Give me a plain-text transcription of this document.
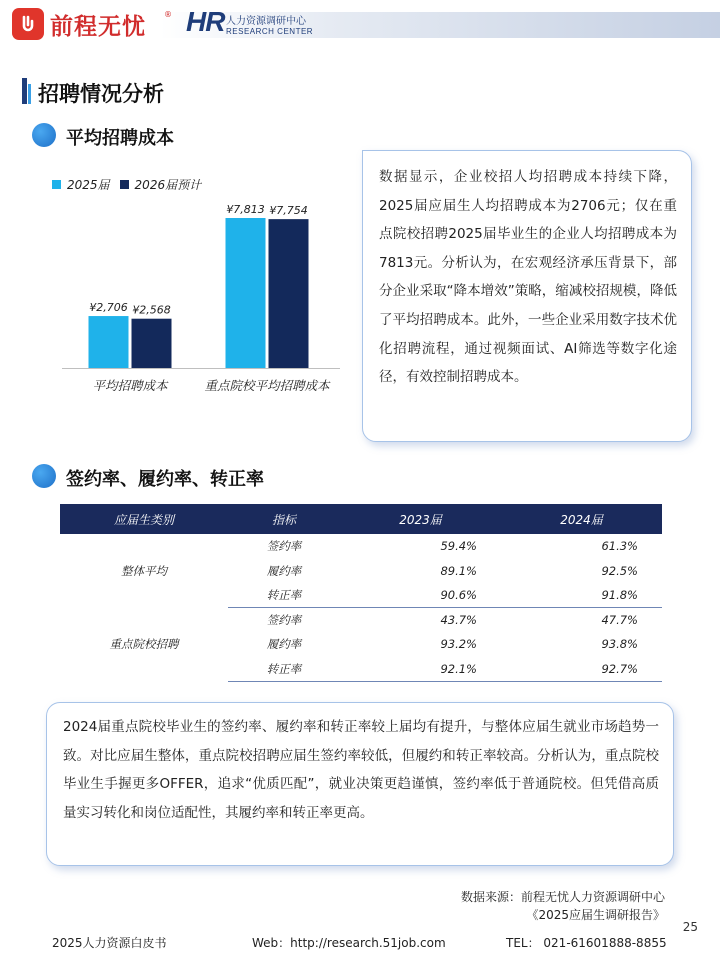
前程无忧 ® HR 人力资源调研中心
RESEARCH CENTER
招聘情况分析
平均招聘成本
2025届 2026届预计
¥2,706 ¥2,568
平均招聘成本
¥7,813 ¥7,754
重点院校平均招聘成本

数据显示，企业校招人均招聘成本持续下降，2025届应届生人均招聘成本为2706元；仅在重点院校招聘2025届毕业生的企业人均招聘成本为7813元。分析认为，在宏观经济承压背景下，部分企业采取“降本增效”策略，缩减校招规模，降低了平均招聘成本。此外，一些企业采用数字技术优化招聘流程，通过视频面试、AI筛选等数字化途径，有效控制招聘成本。

签约率、履约率、转正率
应届生类别	指标	2023届	2024届
整体平均	签约率	59.4%	61.3%
	履约率	89.1%	92.5%
	转正率	90.6%	91.8%
重点院校招聘	签约率	43.7%	47.7%
	履约率	93.2%	93.8%
	转正率	92.1%	92.7%

2024届重点院校毕业生的签约率、履约率和转正率较上届均有提升，与整体应届生就业市场趋势一致。对比应届生整体，重点院校招聘应届生签约率较低，但履约和转正率较高。分析认为，重点院校毕业生手握更多OFFER，追求“优质匹配”，就业决策更趋谨慎，签约率低于普通院校。但凭借高质量实习转化和岗位适配性，其履约率和转正率更高。

数据来源：前程无忧人力资源调研中心
《2025应届生调研报告》
25
2025人力资源白皮书	Web：http://research.51job.com	TEL： 021-61601888-8855
